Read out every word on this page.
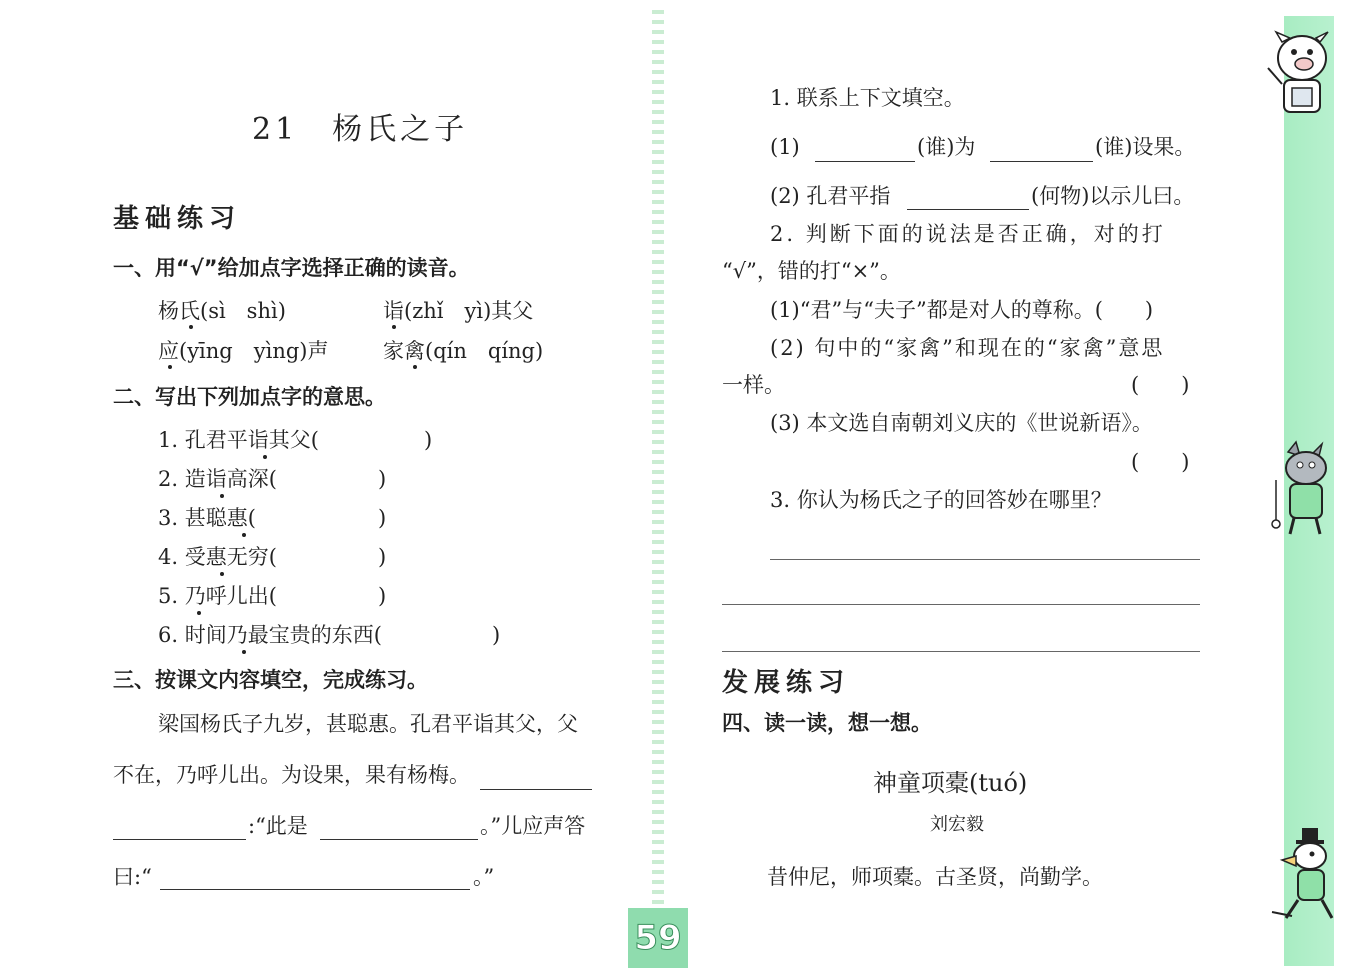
21　杨氏之子
基础练习
一、用“√”给加点字选择正确的读音。
杨氏(sì　shì)	诣(zhǐ　yì)其父
应(yīng　yìng)声	家禽(qín　qíng)
二、写出下列加点字的意思。
1. 孔君平诣其父(	)
2. 造诣高深(	)
3. 甚聪惠(	)
4. 受惠无穷(	)
5. 乃呼儿出(	)
6. 时间乃最宝贵的东西(	)
三、按课文内容填空，完成练习。
梁国杨氏子九岁，甚聪惠。孔君平诣其父，父
不在，乃呼儿出。为设果，果有杨梅。
:“此是	。”儿应声答
曰:“	。”
1. 联系上下文填空。
(1)	(谁)为	(谁)设果。
(2) 孔君平指	(何物)以示儿曰。
2. 判断下面的说法是否正确，对的打
“√”，错的打“×”。
(1)“君”与“夫子”都是对人的尊称。(　　)
(2) 句中的“家禽”和现在的“家禽”意思
一样。	(　　)
(3) 本文选自南朝刘义庆的《世说新语》。
(　　)
3. 你认为杨氏之子的回答妙在哪里？
发展练习
四、读一读，想一想。
神童项橐(tuó)
刘宏毅
昔仲尼，师项橐。古圣贤，尚勤学。
59
